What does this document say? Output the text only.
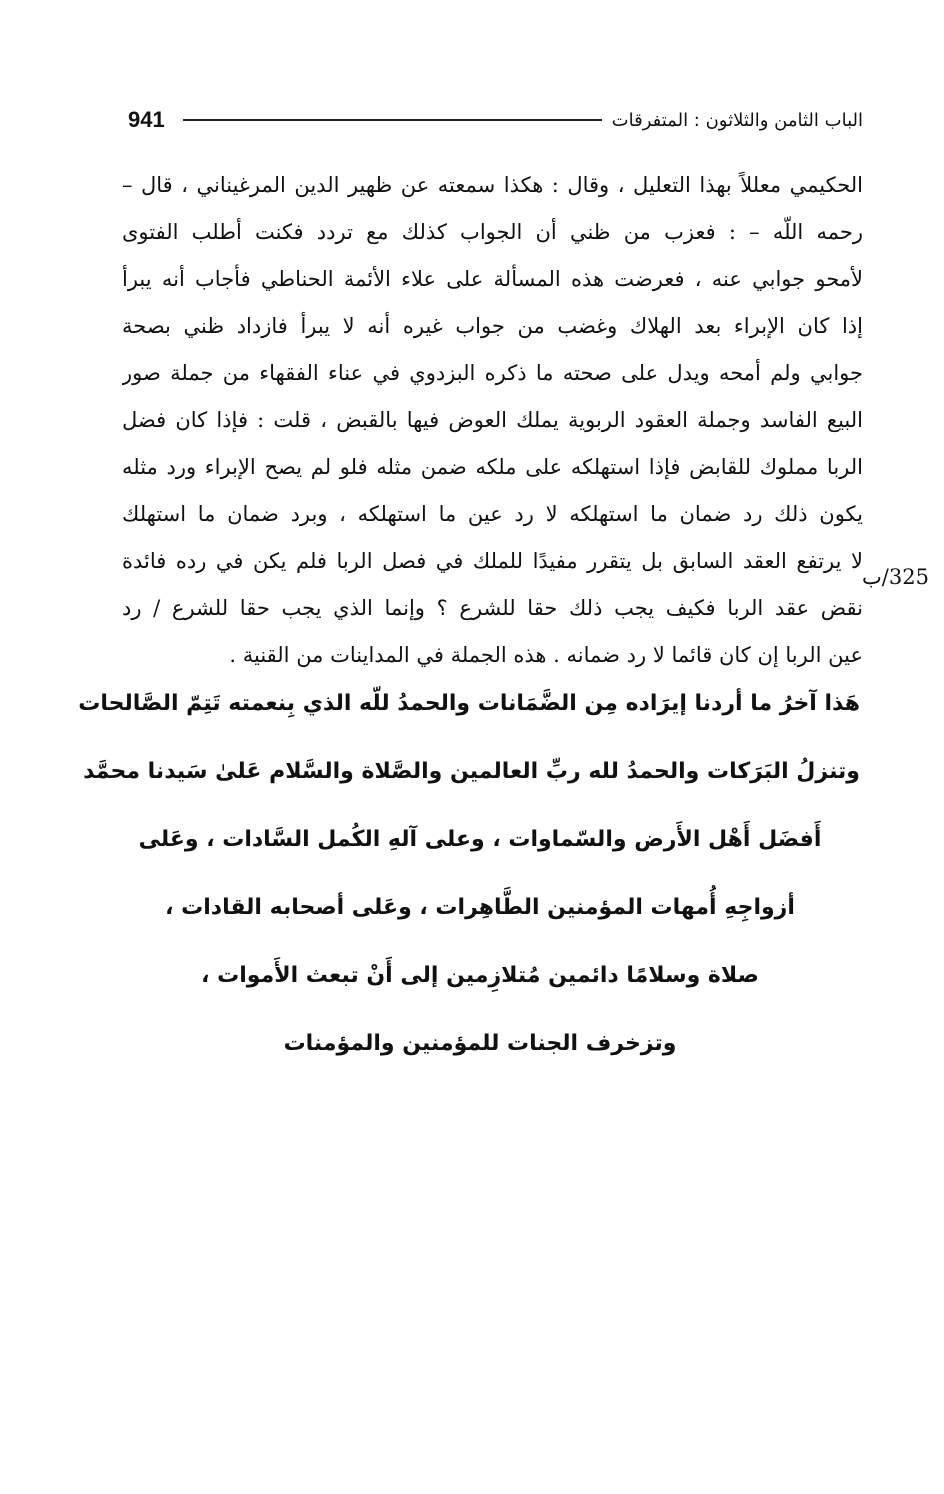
941	الباب الثامن والثلاثون : المتفرقات
الحكيمي معللاً بهذا التعليل ، وقال : هكذا سمعته عن ظهير الدين المرغيناني ، قال –
رحمه اللّه – : فعزب من ظني أن الجواب كذلك مع تردد فكنت أطلب الفتوى
لأمحو جوابي عنه ، فعرضت هذه المسألة على علاء الأئمة الحناطي فأجاب أنه يبرأ
إذا كان الإبراء بعد الهلاك وغضب من جواب غيره أنه لا يبرأ فازداد ظني بصحة
جوابي ولم أمحه ويدل على صحته ما ذكره البزدوي في عناء الفقهاء من جملة صور
البيع الفاسد وجملة العقود الربوية يملك العوض فيها بالقبض ، قلت : فإذا كان فضل
الربا مملوك للقابض فإذا استهلكه على ملكه ضمن مثله فلو لم يصح الإبراء ورد مثله
يكون ذلك رد ضمان ما استهلكه لا رد عين ما استهلكه ، وبرد ضمان ما استهلك
لا يرتفع العقد السابق بل يتقرر مفيدًا للملك في فصل الربا فلم يكن في رده فائدة
نقض عقد الربا فكيف يجب ذلك حقا للشرع ؟ وإنما الذي يجب حقا للشرع / رد
عين الربا إن كان قائما لا رد ضمانه . هذه الجملة في المداينات من القنية .
325/ب
هَذا آخرُ ما أردنا إيرَاده مِن الضَّمَانات والحمدُ للّه الذي بِنعمته تَتِمّ الصَّالحات
وتنزلُ البَرَكات والحمدُ لله ربِّ العالمين والصَّلاة والسَّلام عَلىٰ سَيدنا محمَّد
أَفضَل أَهْل الأَرض والسّماوات ، وعلى آلهِ الكُمل السَّادات ، وعَلى
أزواجِهِ أُمهات المؤمنين الطَّاهِرات ، وعَلى أصحابه القادات ،
صلاة وسلامًا دائمين مُتلازِمين إلى أَنْ تبعث الأَموات ،
وتزخرف الجنات للمؤمنين والمؤمنات
